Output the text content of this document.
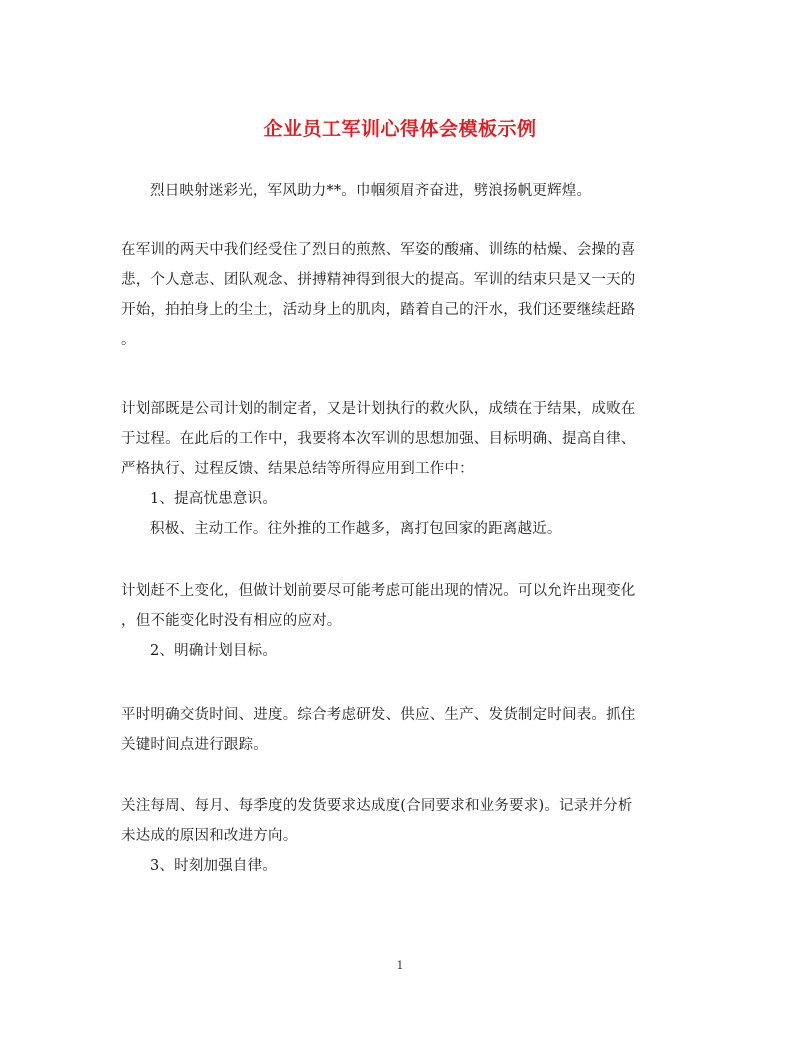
企业员工军训心得体会模板示例
烈日映射迷彩光，军风助力**。巾帼须眉齐奋进，劈浪扬帆更辉煌。
在军训的两天中我们经受住了烈日的煎熬、军姿的酸痛、训练的枯燥、会操的喜
悲，个人意志、团队观念、拼搏精神得到很大的提高。军训的结束只是又一天的
开始，拍拍身上的尘土，活动身上的肌肉，踏着自己的汗水，我们还要继续赶路
。
计划部既是公司计划的制定者，又是计划执行的救火队，成绩在于结果，成败在
于过程。在此后的工作中，我要将本次军训的思想加强、目标明确、提高自律、
严格执行、过程反馈、结果总结等所得应用到工作中：
1、提高忧患意识。
积极、主动工作。往外推的工作越多，离打包回家的距离越近。
计划赶不上变化，但做计划前要尽可能考虑可能出现的情况。可以允许出现变化
，但不能变化时没有相应的应对。
2、明确计划目标。
平时明确交货时间、进度。综合考虑研发、供应、生产、发货制定时间表。抓住
关键时间点进行跟踪。
关注每周、每月、每季度的发货要求达成度(合同要求和业务要求)。记录并分析
未达成的原因和改进方向。
3、时刻加强自律。
1
